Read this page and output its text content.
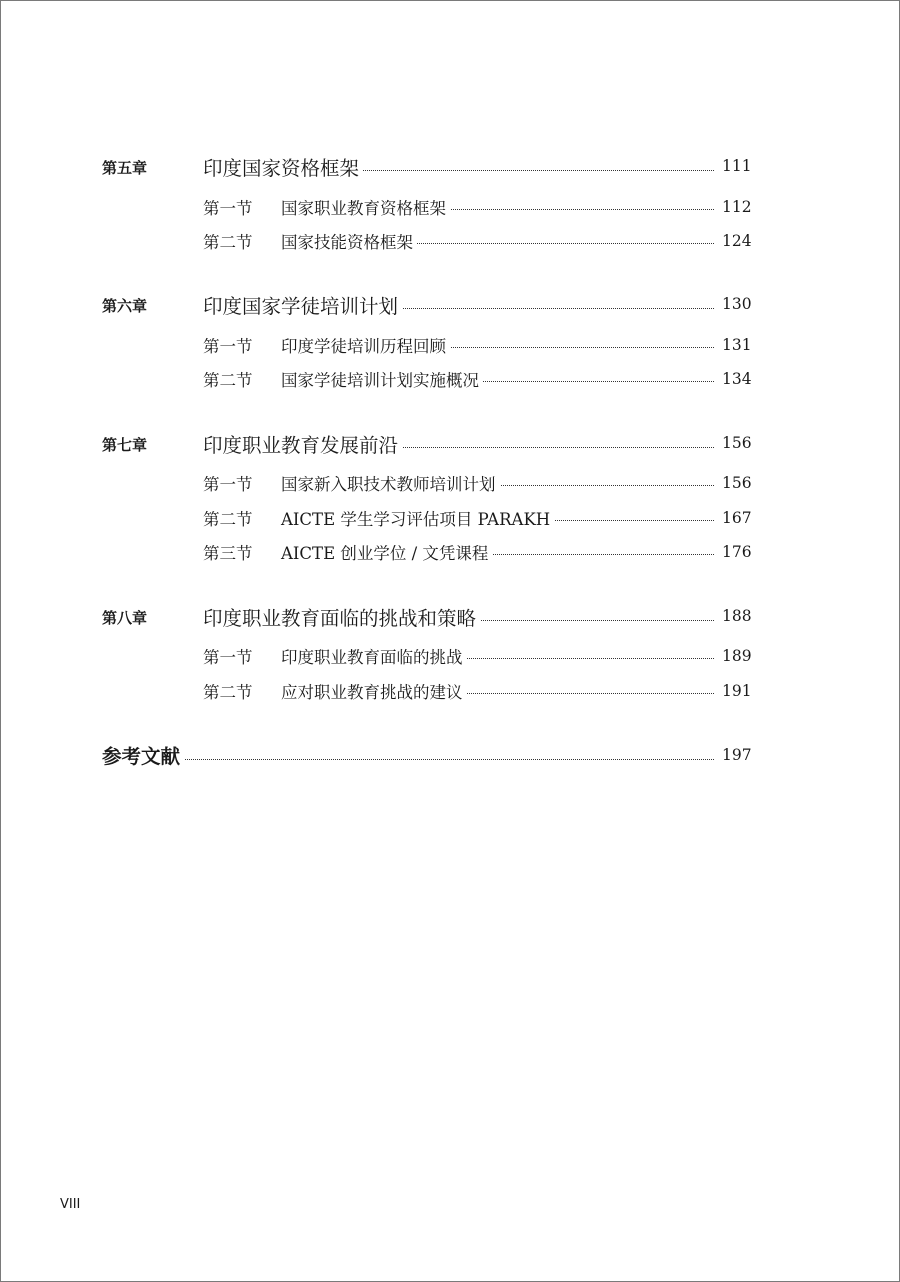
第五章	印度国家资格框架	111
第一节 国家职业教育资格框架	112
第二节 国家技能资格框架	124
第六章	印度国家学徒培训计划	130
第一节 印度学徒培训历程回顾	131
第二节 国家学徒培训计划实施概况	134
第七章	印度职业教育发展前沿	156
第一节 国家新入职技术教师培训计划	156
第二节 AICTE 学生学习评估项目 PARAKH	167
第三节 AICTE 创业学位 / 文凭课程	176
第八章	印度职业教育面临的挑战和策略	188
第一节 印度职业教育面临的挑战	189
第二节 应对职业教育挑战的建议	191
参考文献	197
VIII
